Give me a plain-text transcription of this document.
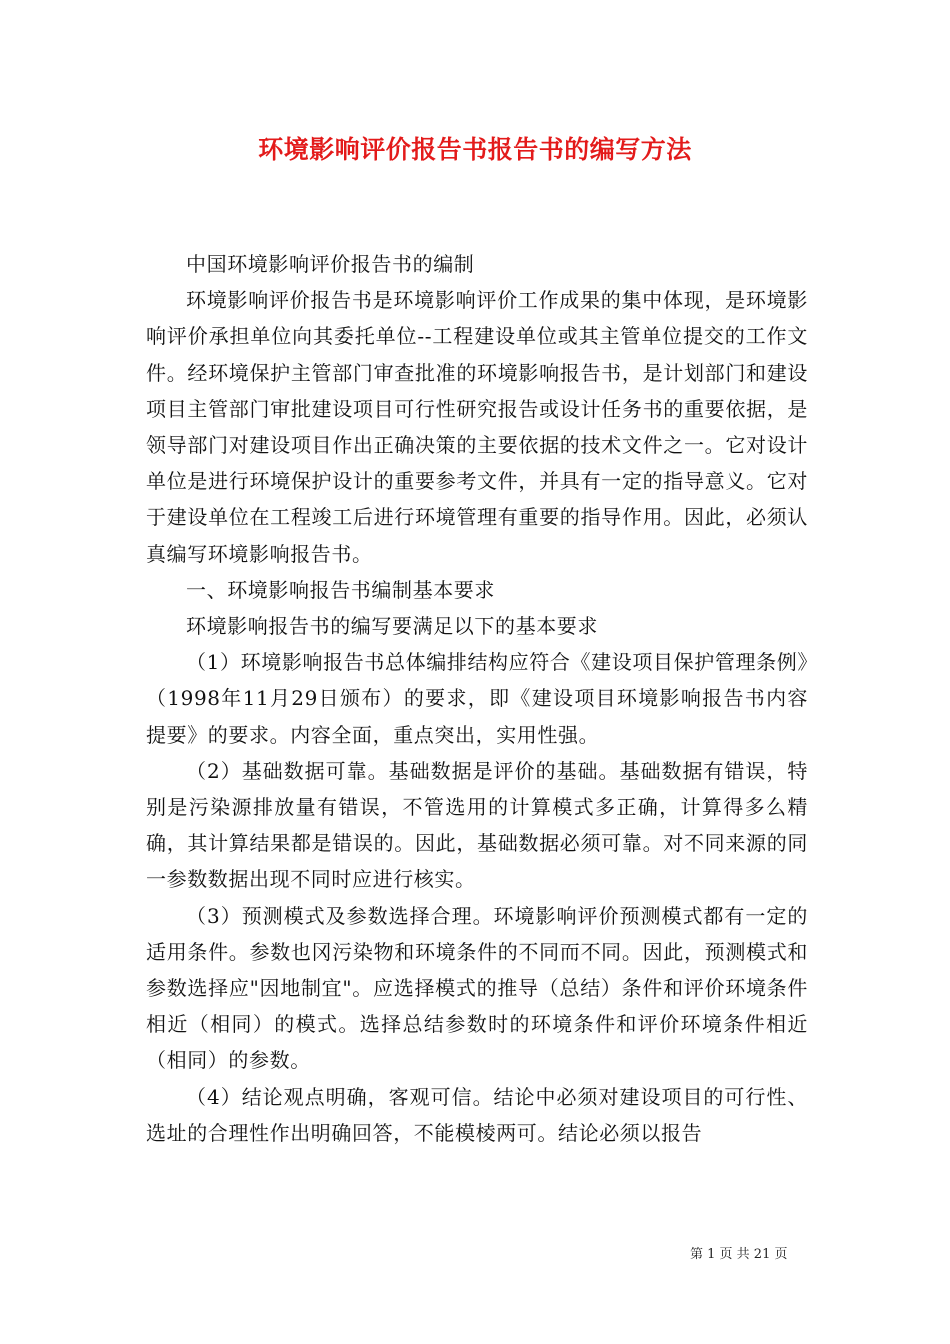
环境影响评价报告书报告书的编写方法

中国环境影响评价报告书的编制

环境影响评价报告书是环境影响评价工作成果的集中体现，是环境影响评价承担单位向其委托单位--工程建设单位或其主管单位提交的工作文件。经环境保护主管部门审查批准的环境影响报告书，是计划部门和建设项目主管部门审批建设项目可行性研究报告或设计任务书的重要依据，是领导部门对建设项目作出正确决策的主要依据的技术文件之一。它对设计单位是进行环境保护设计的重要参考文件，并具有一定的指导意义。它对于建设单位在工程竣工后进行环境管理有重要的指导作用。因此，必须认真编写环境影响报告书。

一、环境影响报告书编制基本要求

环境影响报告书的编写要满足以下的基本要求

（1）环境影响报告书总体编排结构应符合《建设项目保护管理条例》（1998年11月29日颁布）的要求，即《建设项目环境影响报告书内容提要》的要求。内容全面，重点突出，实用性强。

（2）基础数据可靠。基础数据是评价的基础。基础数据有错误，特别是污染源排放量有错误，不管选用的计算模式多正确，计算得多么精确，其计算结果都是错误的。因此，基础数据必须可靠。对不同来源的同一参数数据出现不同时应进行核实。

（3）预测模式及参数选择合理。环境影响评价预测模式都有一定的适用条件。参数也冈污染物和环境条件的不同而不同。因此，预测模式和参数选择应"因地制宜"。应选择模式的推导（总结）条件和评价环境条件相近（相同）的模式。选择总结参数时的环境条件和评价环境条件相近（相同）的参数。

（4）结论观点明确，客观可信。结论中必须对建设项目的可行性、选址的合理性作出明确回答，不能模棱两可。结论必须以报告

第 1 页 共 21 页
